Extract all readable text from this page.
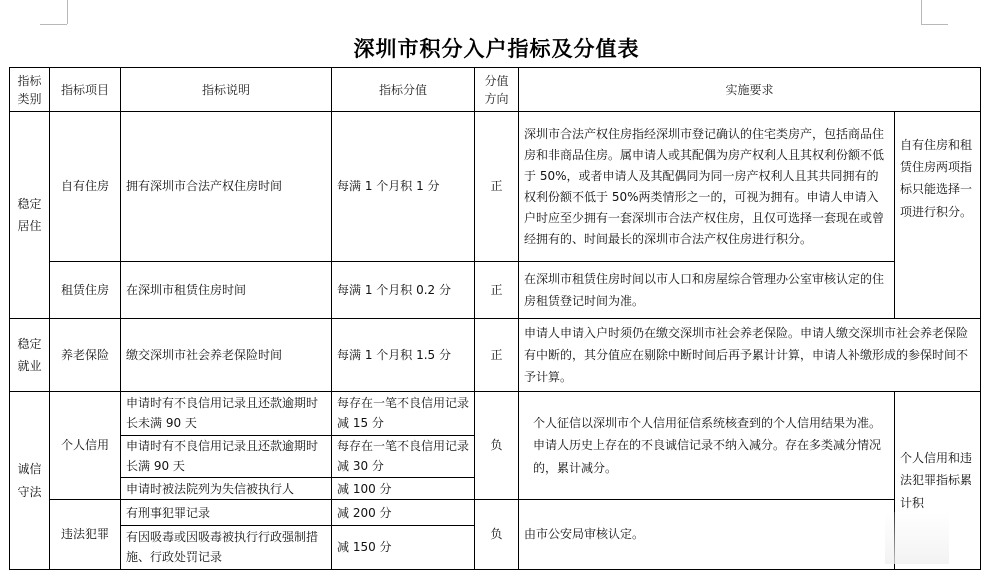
深圳市积分入户指标及分值表
指标类别	指标项目	指标说明	指标分值	分值方向	实施要求	
稳定居住	自有住房	拥有深圳市合法产权住房时间	每满 1 个月积 1 分	正	深圳市合法产权住房指经深圳市登记确认的住宅类房产，包括商品住房和非商品住房。属申请人或其配偶为房产权利人且其权利份额不低于 50%，或者申请人及其配偶同为同一房产权利人且其共同拥有的权利份额不低于 50%两类情形之一的，可视为拥有。申请人申请入户时应至少拥有一套深圳市合法产权住房，且仅可选择一套现在或曾经拥有的、时间最长的深圳市合法产权住房进行积分。	自有住房和租赁住房两项指标只能选择一项进行积分。
	租赁住房	在深圳市租赁住房时间	每满 1 个月积 0.2 分	正	在深圳市租赁住房时间以市人口和房屋综合管理办公室审核认定的住房租赁登记时间为准。	
稳定就业	养老保险	缴交深圳市社会养老保险时间	每满 1 个月积 1.5 分	正	申请人申请入户时须仍在缴交深圳市社会养老保险。申请人缴交深圳市社会养老保险有中断的，其分值应在剔除中断时间后再予累计计算，申请人补缴形成的参保时间不予计算。	
诚信守法	个人信用	申请时有不良信用记录且还款逾期时长未满 90 天	每存在一笔不良信用记录减 15 分	负	个人征信以深圳市个人信用征信系统核查到的个人信用结果为准。申请人历史上存在的不良诚信记录不纳入减分。存在多类减分情况的，累计减分。	个人信用和违法犯罪指标累计积
		申请时有不良信用记录且还款逾期时长满 90 天	每存在一笔不良信用记录减 30 分			
		申请时被法院列为失信被执行人	减 100 分			
	违法犯罪	有刑事犯罪记录	减 200 分	负	由市公安局审核认定。	
		有因吸毒或因吸毒被执行行政强制措施、行政处罚记录	减 150 分			
